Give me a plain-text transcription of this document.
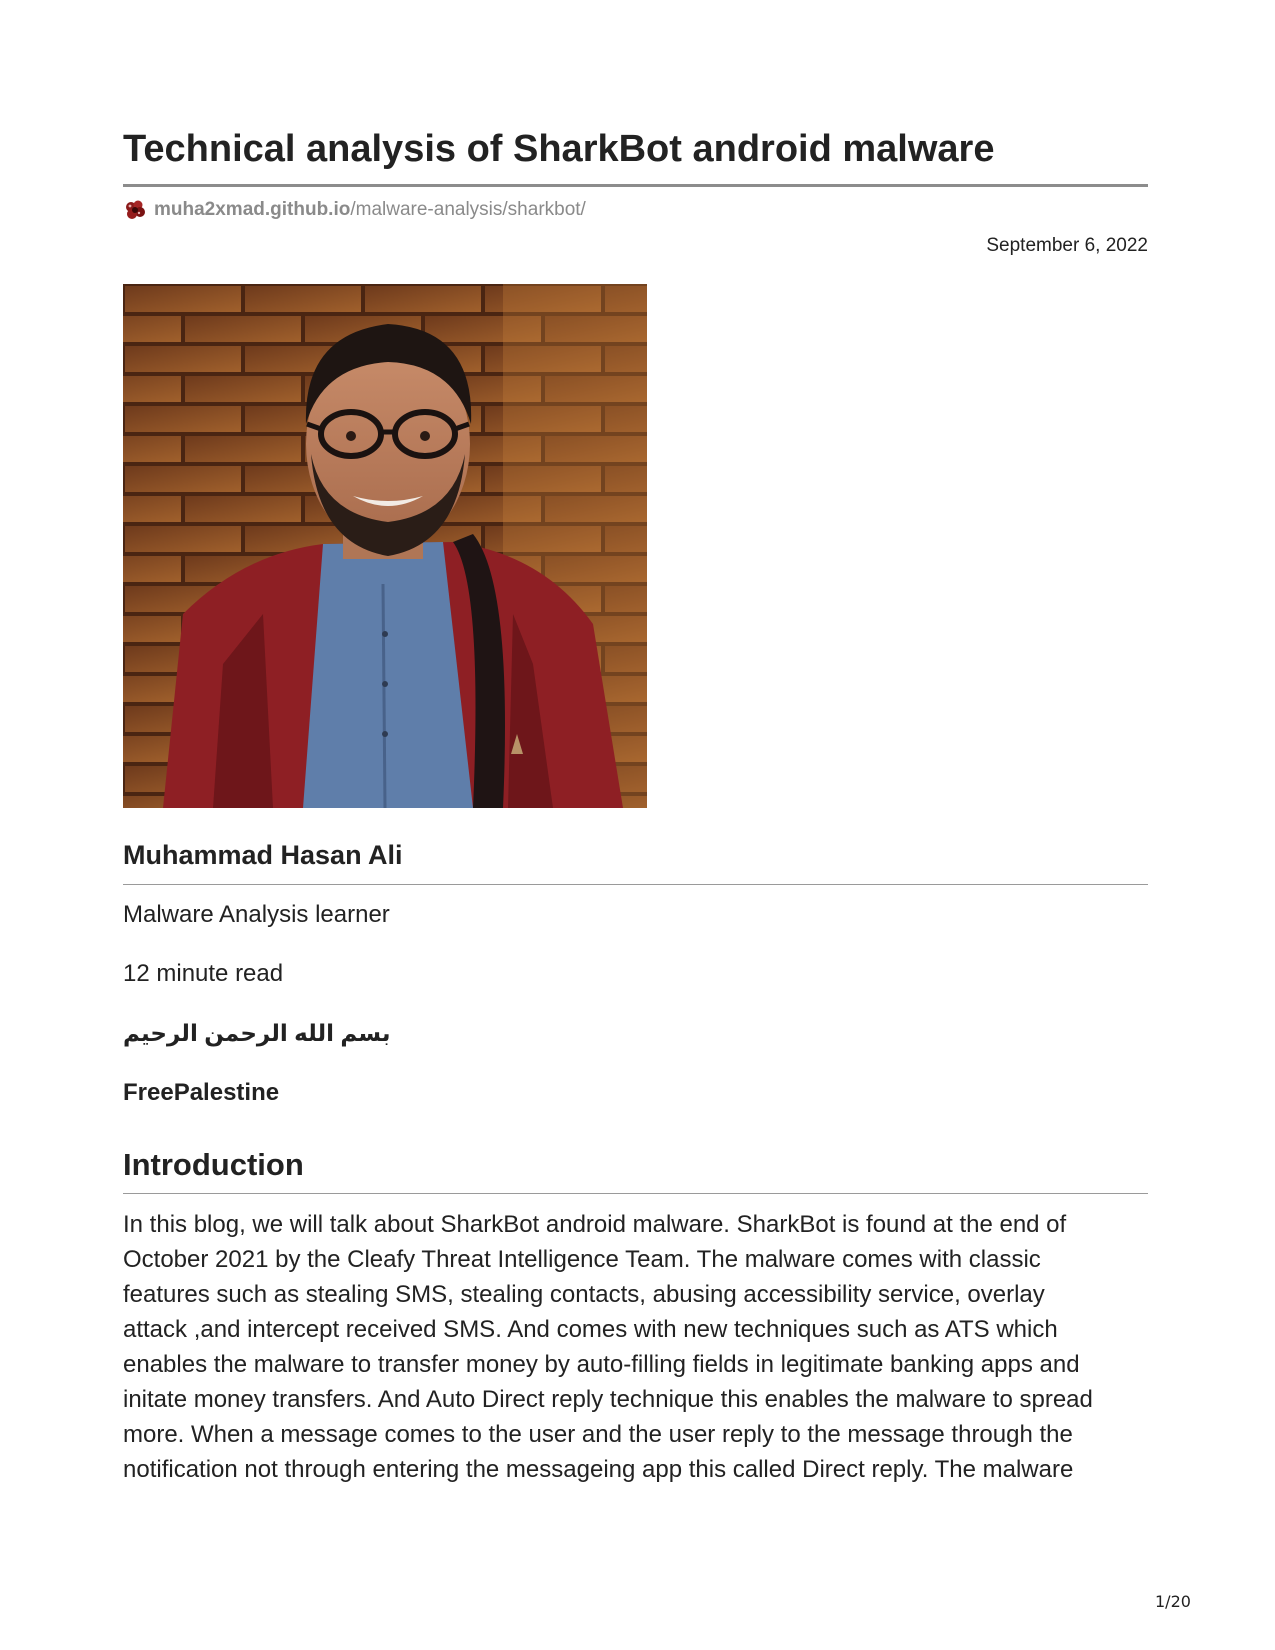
Technical analysis of SharkBot android malware
muha2xmad.github.io /malware-analysis/sharkbot/
September 6, 2022
Muhammad Hasan Ali
Malware Analysis learner
12 minute read
بسم الله الرحمن الرحيم
FreePalestine
Introduction
In this blog, we will talk about SharkBot android malware. SharkBot is found at the end of
October 2021 by the Cleafy Threat Intelligence Team. The malware comes with classic
features such as stealing SMS, stealing contacts, abusing accessibility service, overlay
attack ,and intercept received SMS. And comes with new techniques such as ATS which
enables the malware to transfer money by auto-filling fields in legitimate banking apps and
initate money transfers. And Auto Direct reply technique this enables the malware to spread
more. When a message comes to the user and the user reply to the message through the
notification not through entering the messageing app this called Direct reply. The malware
1/20
